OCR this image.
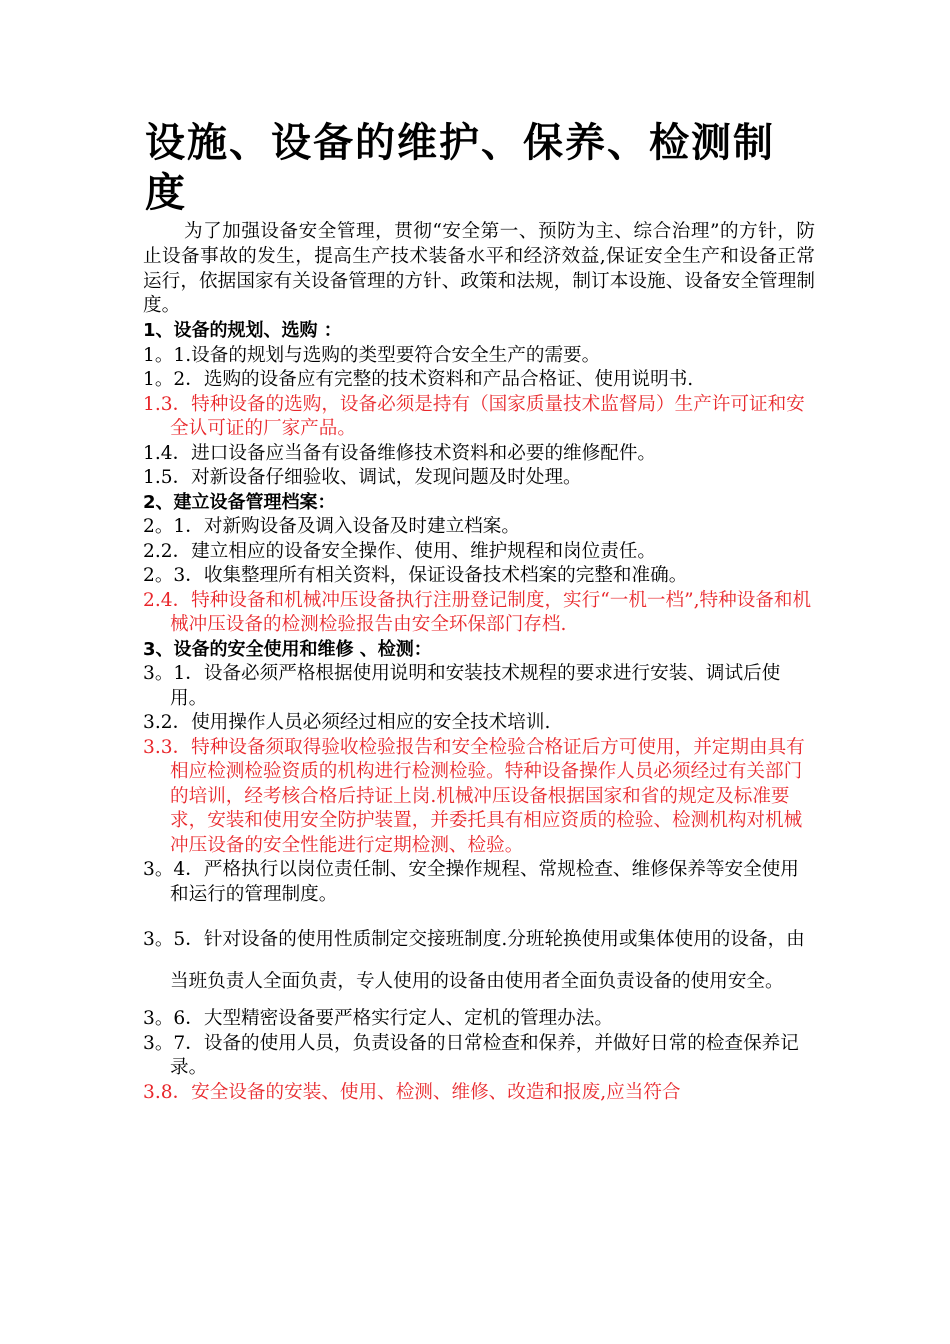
设施、设备的维护、保养、检测制度

为了加强设备安全管理，贯彻“安全第一、预防为主、综合治理”的方针，防止设备事故的发生，提高生产技术装备水平和经济效益,保证安全生产和设备正常运行，依据国家有关设备管理的方针、政策和法规，制订本设施、设备安全管理制度。

1、设备的规划、选购 ：
1。1.设备的规划与选购的类型要符合安全生产的需要。
1。2．选购的设备应有完整的技术资料和产品合格证、使用说明书.
1.3．特种设备的选购，设备必须是持有（国家质量技术监督局）生产许可证和安全认可证的厂家产品。
1.4．进口设备应当备有设备维修技术资料和必要的维修配件。
1.5．对新设备仔细验收、调试，发现问题及时处理。
2、建立设备管理档案：
2。1．对新购设备及调入设备及时建立档案。
2.2．建立相应的设备安全操作、使用、维护规程和岗位责任。
2。3．收集整理所有相关资料，保证设备技术档案的完整和准确。
2.4．特种设备和机械冲压设备执行注册登记制度，实行“一机一档”,特种设备和机械冲压设备的检测检验报告由安全环保部门存档.
3、设备的安全使用和维修 、检测：
3。1．设备必须严格根据使用说明和安装技术规程的要求进行安装、调试后使用。
3.2．使用操作人员必须经过相应的安全技术培训.
3.3．特种设备须取得验收检验报告和安全检验合格证后方可使用，并定期由具有相应检测检验资质的机构进行检测检验。特种设备操作人员必须经过有关部门的培训，经考核合格后持证上岗.机械冲压设备根据国家和省的规定及标准要求，安装和使用安全防护装置，并委托具有相应资质的检验、检测机构对机械冲压设备的安全性能进行定期检测、检验。
3。4．严格执行以岗位责任制、安全操作规程、常规检查、维修保养等安全使用和运行的管理制度。
3。5．针对设备的使用性质制定交接班制度.分班轮换使用或集体使用的设备，由当班负责人全面负责，专人使用的设备由使用者全面负责设备的使用安全。
3。6．大型精密设备要严格实行定人、定机的管理办法。
3。7．设备的使用人员，负责设备的日常检查和保养，并做好日常的检查保养记录。
3.8．安全设备的安装、使用、检测、维修、改造和报废,应当符合
